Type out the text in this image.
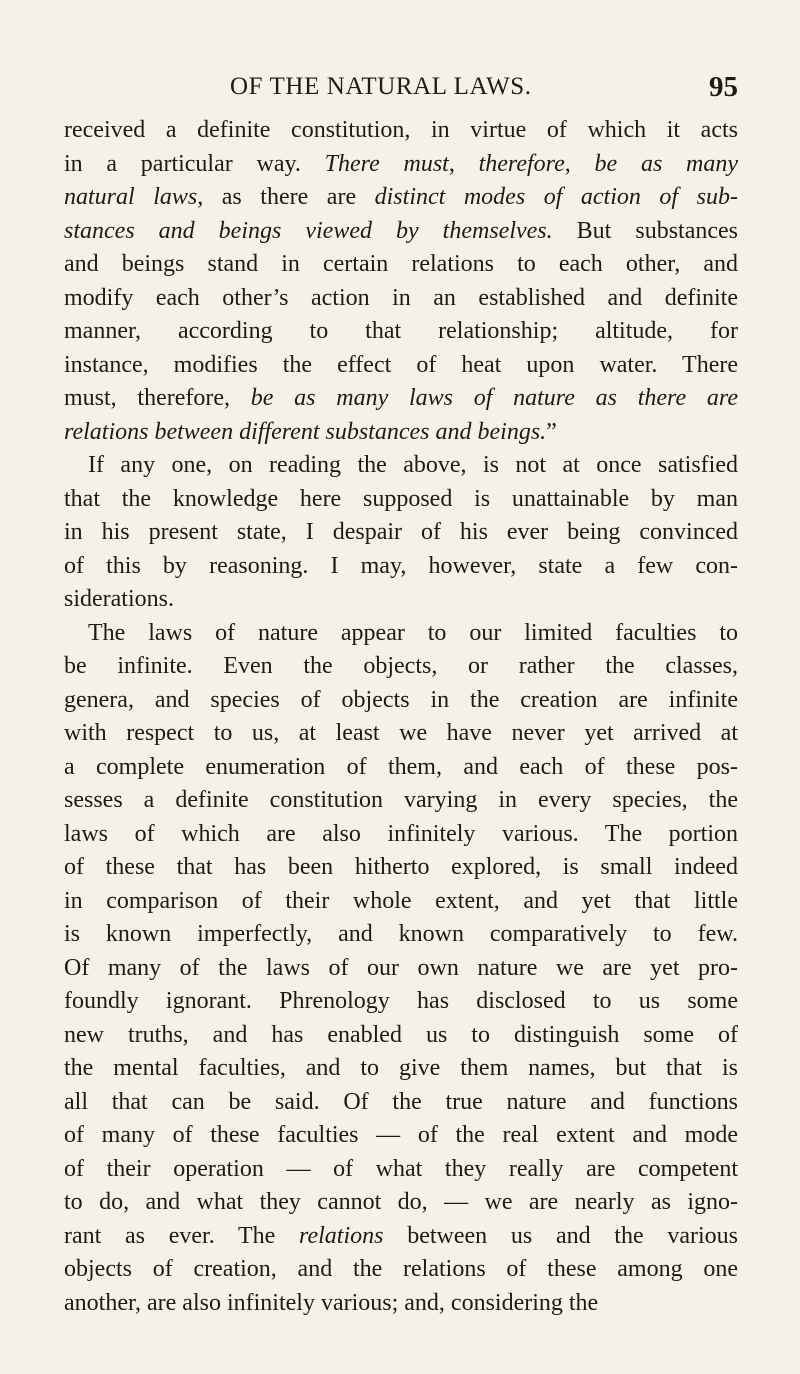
OF THE NATURAL LAWS.	95
received a definite constitution, in virtue of which it acts
in a particular way. There must, therefore, be as many
natural laws, as there are distinct modes of action of sub-
stances and beings viewed by themselves. But substances
and beings stand in certain relations to each other, and
modify each other’s action in an established and definite
manner, according to that relationship; altitude, for
instance, modifies the effect of heat upon water. There
must, therefore, be as many laws of nature as there are
relations between different substances and beings.”
If any one, on reading the above, is not at once satisfied
that the knowledge here supposed is unattainable by man
in his present state, I despair of his ever being convinced
of this by reasoning. I may, however, state a few con-
siderations.
The laws of nature appear to our limited faculties to
be infinite. Even the objects, or rather the classes,
genera, and species of objects in the creation are infinite
with respect to us, at least we have never yet arrived at
a complete enumeration of them, and each of these pos-
sesses a definite constitution varying in every species, the
laws of which are also infinitely various. The portion
of these that has been hitherto explored, is small indeed
in comparison of their whole extent, and yet that little
is known imperfectly, and known comparatively to few.
Of many of the laws of our own nature we are yet pro-
foundly ignorant. Phrenology has disclosed to us some
new truths, and has enabled us to distinguish some of
the mental faculties, and to give them names, but that is
all that can be said. Of the true nature and functions
of many of these faculties — of the real extent and mode
of their operation — of what they really are competent
to do, and what they cannot do, — we are nearly as igno-
rant as ever. The relations between us and the various
objects of creation, and the relations of these among one
another, are also infinitely various; and, considering the
